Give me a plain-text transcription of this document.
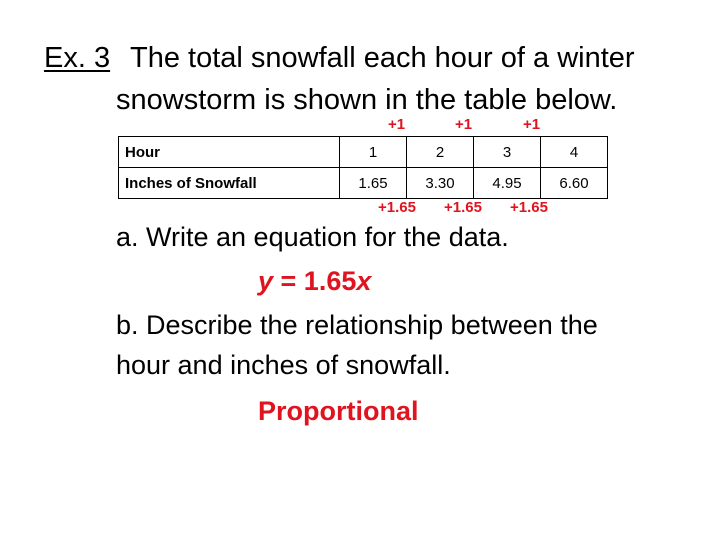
Ex. 3 The total snowfall each hour of a winter
snowstorm is shown in the table below.
+1	+1	+1
Hour	1	2	3	4
Inches of Snowfall	1.65	3.30	4.95	6.60
+1.65 +1.65 +1.65
a. Write an equation for the data.
y = 1.65x
b. Describe the relationship between the
hour and inches of snowfall.
Proportional
